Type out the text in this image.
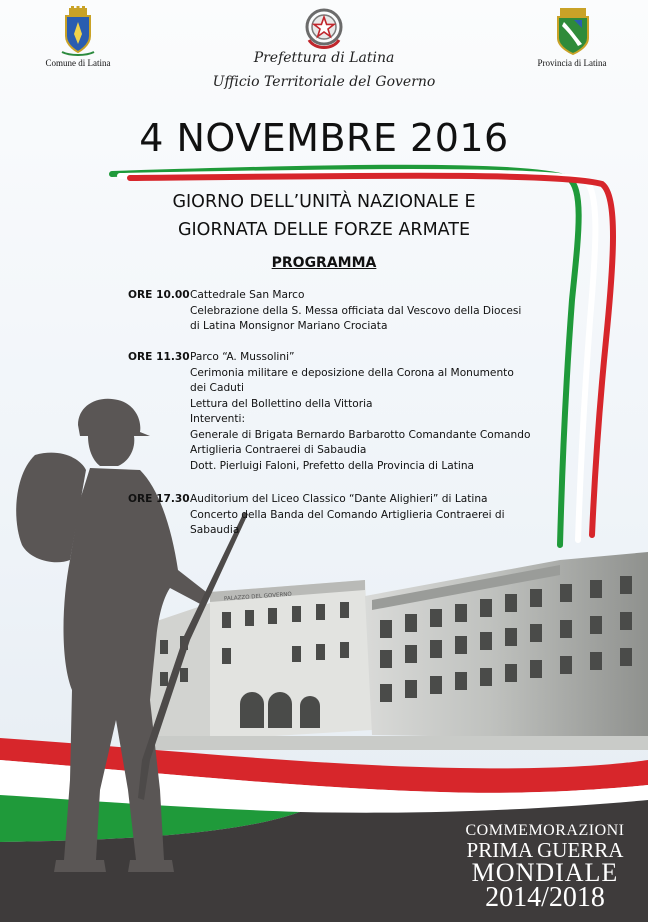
Comune di Latina	Provincia di Latina
Prefettura di Latina
Ufficio Territoriale del Governo
4 NOVEMBRE 2016
GIORNO DELL’UNITÀ NAZIONALE E
GIORNATA DELLE FORZE ARMATE
PROGRAMMA
ORE 10.00 Cattedrale San Marco
Celebrazione della S. Messa officiata dal Vescovo della Diocesi
di Latina Monsignor Mariano Crociata
ORE 11.30 Parco “A. Mussolini”
Cerimonia militare e deposizione della Corona al Monumento
dei Caduti
Lettura del Bollettino della Vittoria
Interventi:
Generale di Brigata Bernardo Barbarotto Comandante Comando
Artiglieria Contraerei di Sabaudia
Dott. Pierluigi Faloni, Prefetto della Provincia di Latina
ORE 17.30 Auditorium del Liceo Classico “Dante Alighieri” di Latina
Concerto della Banda del Comando Artiglieria Contraerei di
Sabaudia
PALAZZO DEL GOVERNO
COMMEMORAZIONI
PRIMA GUERRA
MONDIALE
2014/2018
